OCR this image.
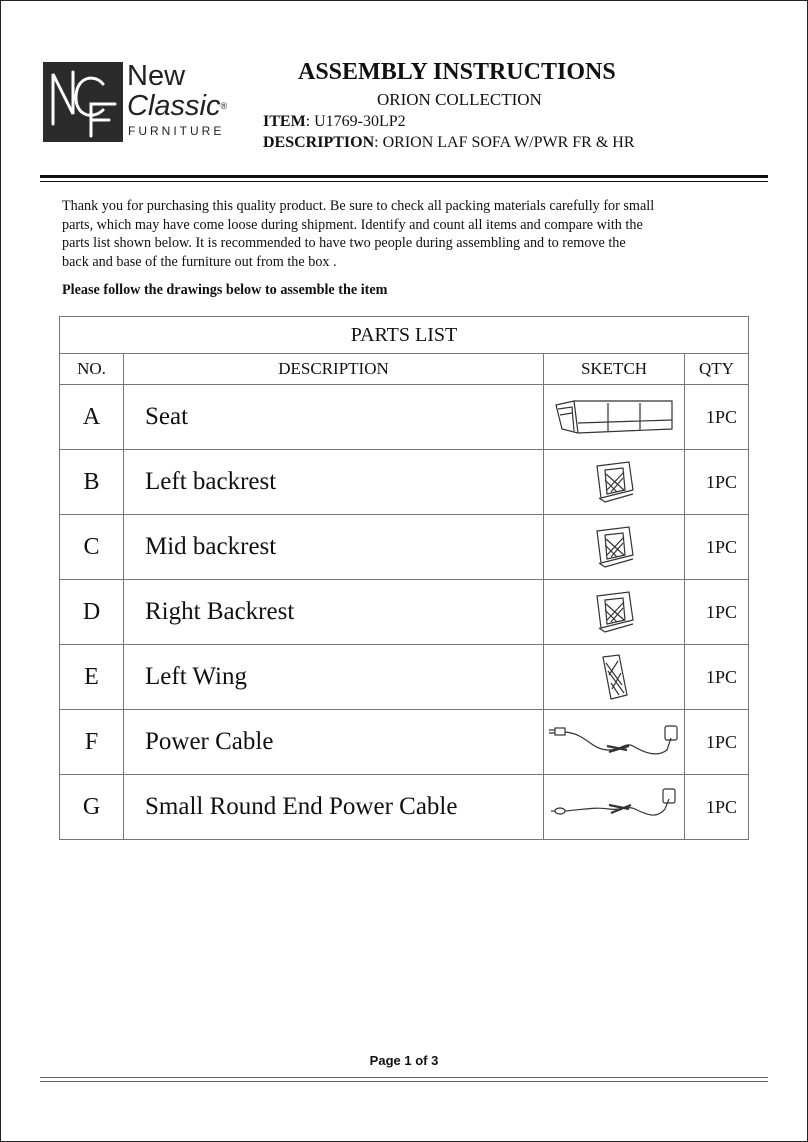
New
Classic®
FURNITURE
ASSEMBLY INSTRUCTIONS
ORION COLLECTION
ITEM: U1769-30LP2
DESCRIPTION: ORION LAF SOFA W/PWR FR & HR

Thank you for purchasing this quality product. Be sure to check all packing materials carefully for small

parts, which may have come loose during shipment. Identify and count all items and compare with the

parts list shown below. It is recommended to have two people during assembling and to remove the

back and base of the furniture out from the box .

Please follow the drawings below to assemble the item
PARTS LIST			
NO.	DESCRIPTION	SKETCH	QTY
A	Seat		1PC
B	Left backrest		1PC
C	Mid backrest		1PC
D	Right Backrest		1PC
E	Left Wing		1PC
F	Power Cable		1PC
G	Small Round End Power Cable		1PC
Page 1 of 3
